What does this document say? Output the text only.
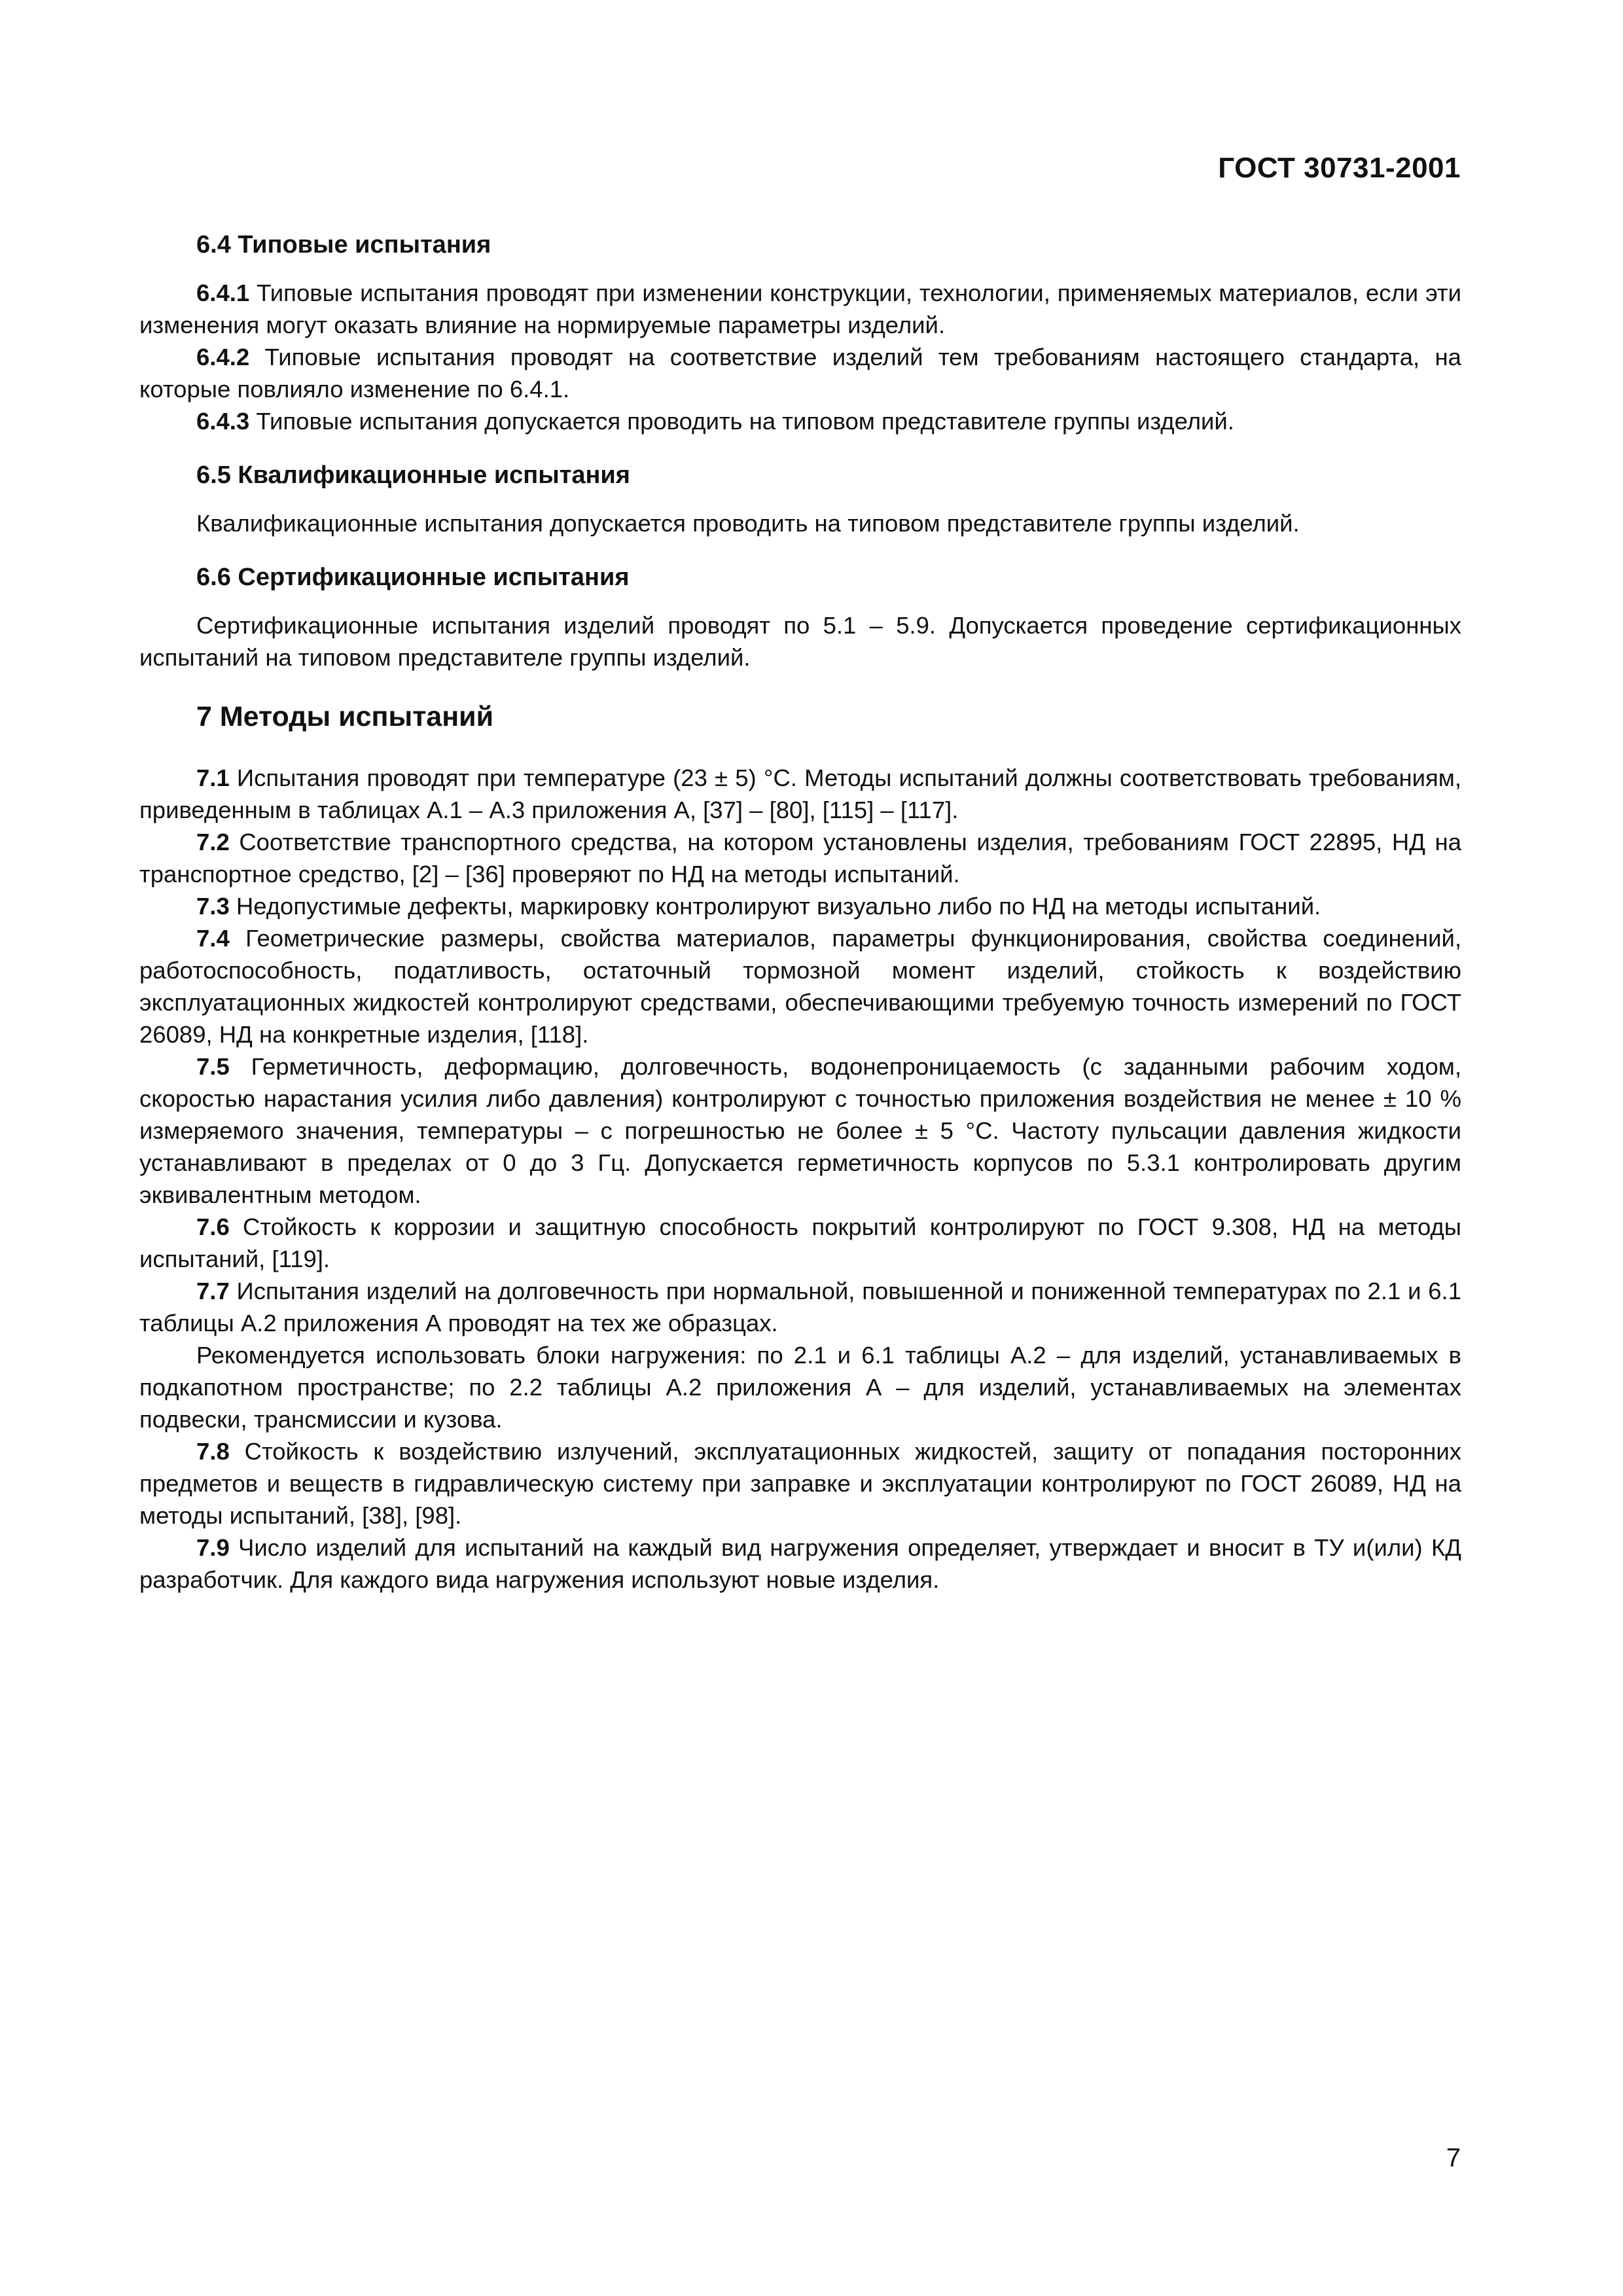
ГОСТ 30731-2001
6.4 Типовые испытания

6.4.1 Типовые испытания проводят при изменении конструкции, технологии, применяемых материалов, если эти изменения могут оказать влияние на нормируемые параметры изделий.

6.4.2 Типовые испытания проводят на соответствие изделий тем требованиям настоящего стандарта, на которые повлияло изменение по 6.4.1.

6.4.3 Типовые испытания допускается проводить на типовом представителе группы изделий.

6.5 Квалификационные испытания

Квалификационные испытания допускается проводить на типовом представителе группы изделий.

6.6 Сертификационные испытания

Сертификационные испытания изделий проводят по 5.1 – 5.9. Допускается проведение сертификационных испытаний на типовом представителе группы изделий.

7 Методы испытаний

7.1 Испытания проводят при температуре (23 ± 5) °С. Методы испытаний должны соответствовать требованиям, приведенным в таблицах А.1 – А.3 приложения А, [37] – [80], [115] – [117].

7.2 Соответствие транспортного средства, на котором установлены изделия, требованиям ГОСТ 22895, НД на транспортное средство, [2] – [36] проверяют по НД на методы испытаний.

7.3 Недопустимые дефекты, маркировку контролируют визуально либо по НД на методы испытаний.

7.4 Геометрические размеры, свойства материалов, параметры функционирования, свойства соединений, работоспособность, податливость, остаточный тормозной момент изделий, стойкость к воздействию эксплуатационных жидкостей контролируют средствами, обеспечивающими требуемую точность измерений по ГОСТ 26089, НД на конкретные изделия, [118].

7.5 Герметичность, деформацию, долговечность, водонепроницаемость (с заданными рабочим ходом, скоростью нарастания усилия либо давления) контролируют с точностью приложения воздействия не менее ± 10 % измеряемого значения, температуры – с погрешностью не более ± 5 °С. Частоту пульсации давления жидкости устанавливают в пределах от 0 до 3 Гц. Допускается герметичность корпусов по 5.3.1 контролировать другим эквивалентным методом.

7.6 Стойкость к коррозии и защитную способность покрытий контролируют по ГОСТ 9.308, НД на методы испытаний, [119].

7.7 Испытания изделий на долговечность при нормальной, повышенной и пониженной температурах по 2.1 и 6.1 таблицы А.2 приложения А проводят на тех же образцах.

Рекомендуется использовать блоки нагружения: по 2.1 и 6.1 таблицы А.2 – для изделий, устанавливаемых в подкапотном пространстве; по 2.2 таблицы А.2 приложения А – для изделий, устанавливаемых на элементах подвески, трансмиссии и кузова.

7.8 Стойкость к воздействию излучений, эксплуатационных жидкостей, защиту от попадания посторонних предметов и веществ в гидравлическую систему при заправке и эксплуатации контролируют по ГОСТ 26089, НД на методы испытаний, [38], [98].

7.9 Число изделий для испытаний на каждый вид нагружения определяет, утверждает и вносит в ТУ и(или) КД разработчик. Для каждого вида нагружения используют новые изделия.

7
